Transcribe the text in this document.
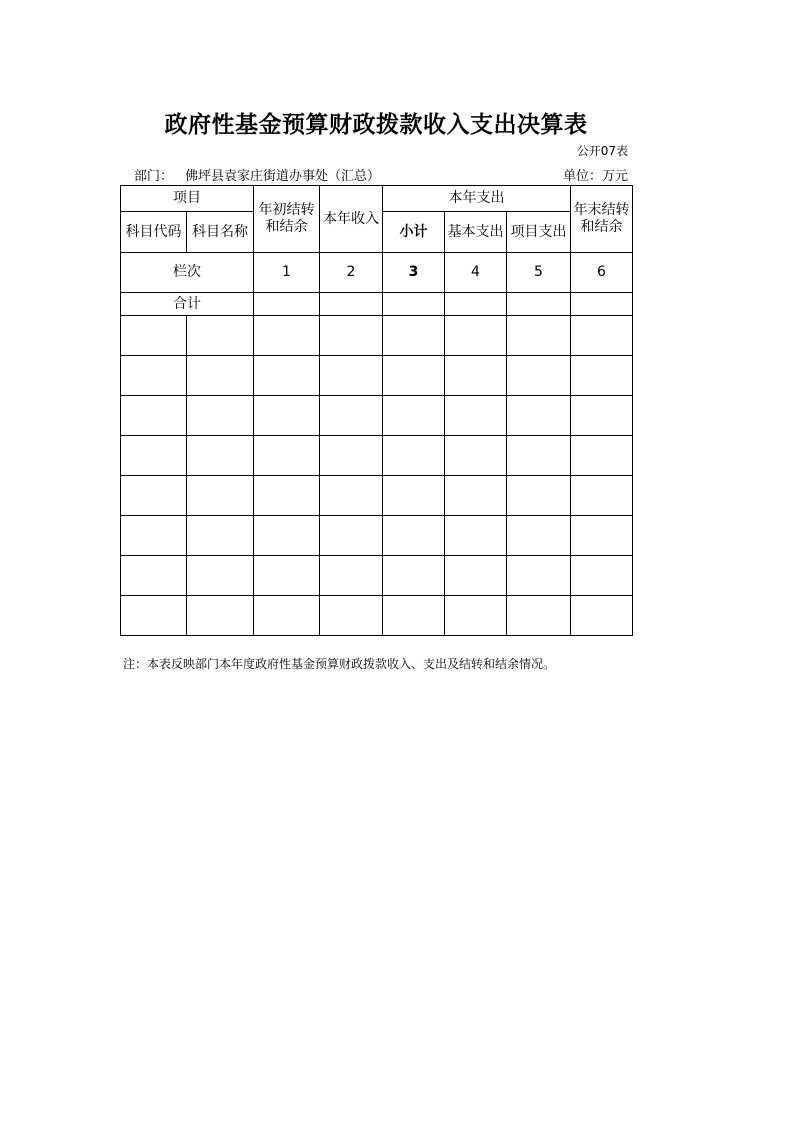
政府性基金预算财政拨款收入支出决算表
公开07表
部门： 佛坪县袁家庄街道办事处（汇总）	单位：万元
项目		年初结转和结余	本年收入	本年支出			年末结转和结余
科目代码	科目名称			小计	基本支出	项目支出	
栏次		1	2	3	4	5	6
合计							

注：本表反映部门本年度政府性基金预算财政拨款收入、支出及结转和结余情况。
